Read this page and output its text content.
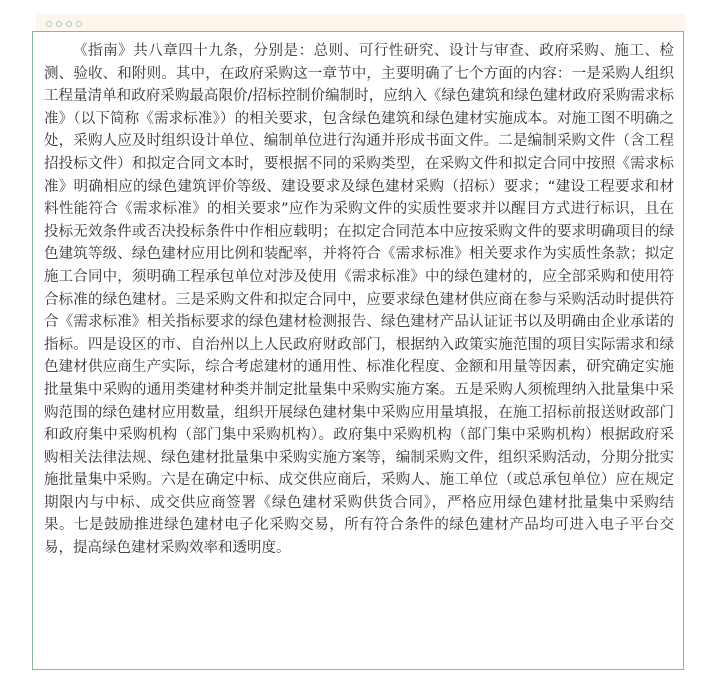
《指南》共八章四十九条，分别是：总则、可行性研究、设计与审查、政府采购、施工、检测、验收、和附则。其中，在政府采购这一章节中，主要明确了七个方面的内容：一是采购人组织工程量清单和政府采购最高限价/招标控制价编制时，应纳入《绿色建筑和绿色建材政府采购需求标准》（以下简称《需求标准》）的相关要求，包含绿色建筑和绿色建材实施成本。对施工图不明确之处，采购人应及时组织设计单位、编制单位进行沟通并形成书面文件。二是编制采购文件（含工程招投标文件）和拟定合同文本时，要根据不同的采购类型，在采购文件和拟定合同中按照《需求标准》明确相应的绿色建筑评价等级、建设要求及绿色建材采购（招标）要求；“建设工程要求和材料性能符合《需求标准》的相关要求”应作为采购文件的实质性要求并以醒目方式进行标识，且在投标无效条件或否决投标条件中作相应载明；在拟定合同范本中应按采购文件的要求明确项目的绿色建筑等级、绿色建材应用比例和装配率，并将符合《需求标准》相关要求作为实质性条款；拟定施工合同中，须明确工程承包单位对涉及使用《需求标准》中的绿色建材的，应全部采购和使用符合标准的绿色建材。三是采购文件和拟定合同中，应要求绿色建材供应商在参与采购活动时提供符合《需求标准》相关指标要求的绿色建材检测报告、绿色建材产品认证证书以及明确由企业承诺的指标。四是设区的市、自治州以上人民政府财政部门，根据纳入政策实施范围的项目实际需求和绿色建材供应商生产实际，综合考虑建材的通用性、标准化程度、金额和用量等因素，研究确定实施批量集中采购的通用类建材种类并制定批量集中采购实施方案。五是采购人须梳理纳入批量集中采购范围的绿色建材应用数量，组织开展绿色建材集中采购应用量填报，在施工招标前报送财政部门和政府集中采购机构（部门集中采购机构）。政府集中采购机构（部门集中采购机构）根据政府采购相关法律法规、绿色建材批量集中采购实施方案等，编制采购文件，组织采购活动，分期分批实施批量集中采购。六是在确定中标、成交供应商后，采购人、施工单位（或总承包单位）应在规定期限内与中标、成交供应商签署《绿色建材采购供货合同》，严格应用绿色建材批量集中采购结果。七是鼓励推进绿色建材电子化采购交易，所有符合条件的绿色建材产品均可进入电子平台交易，提高绿色建材采购效率和透明度。
